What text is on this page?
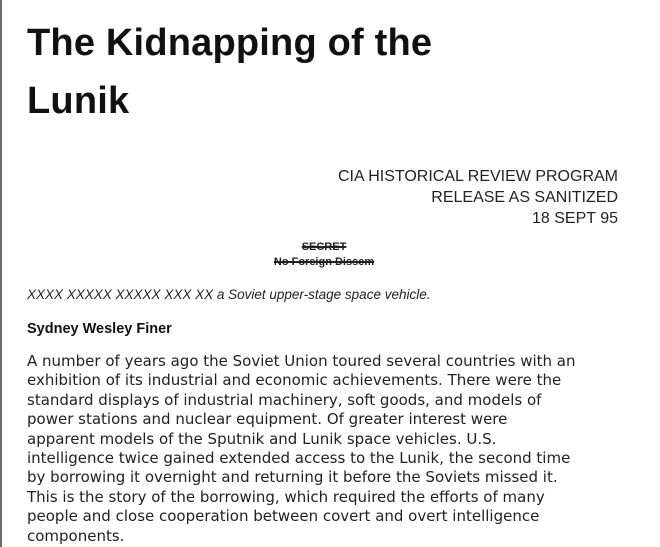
The Kidnapping of the
Lunik
CIA HISTORICAL REVIEW PROGRAM
RELEASE AS SANITIZED
18 SEPT 95
SECRET
No Foreign Dissem
XXXX XXXXX XXXXX XXX XX a Soviet upper-stage space vehicle.
Sydney Wesley Finer
A number of years ago the Soviet Union toured several countries with an
exhibition of its industrial and economic achievements. There were the
standard displays of industrial machinery, soft goods, and models of
power stations and nuclear equipment. Of greater interest were
apparent models of the Sputnik and Lunik space vehicles. U.S.
intelligence twice gained extended access to the Lunik, the second time
by borrowing it overnight and returning it before the Soviets missed it.
This is the story of the borrowing, which required the efforts of many
people and close cooperation between covert and overt intelligence
components.
